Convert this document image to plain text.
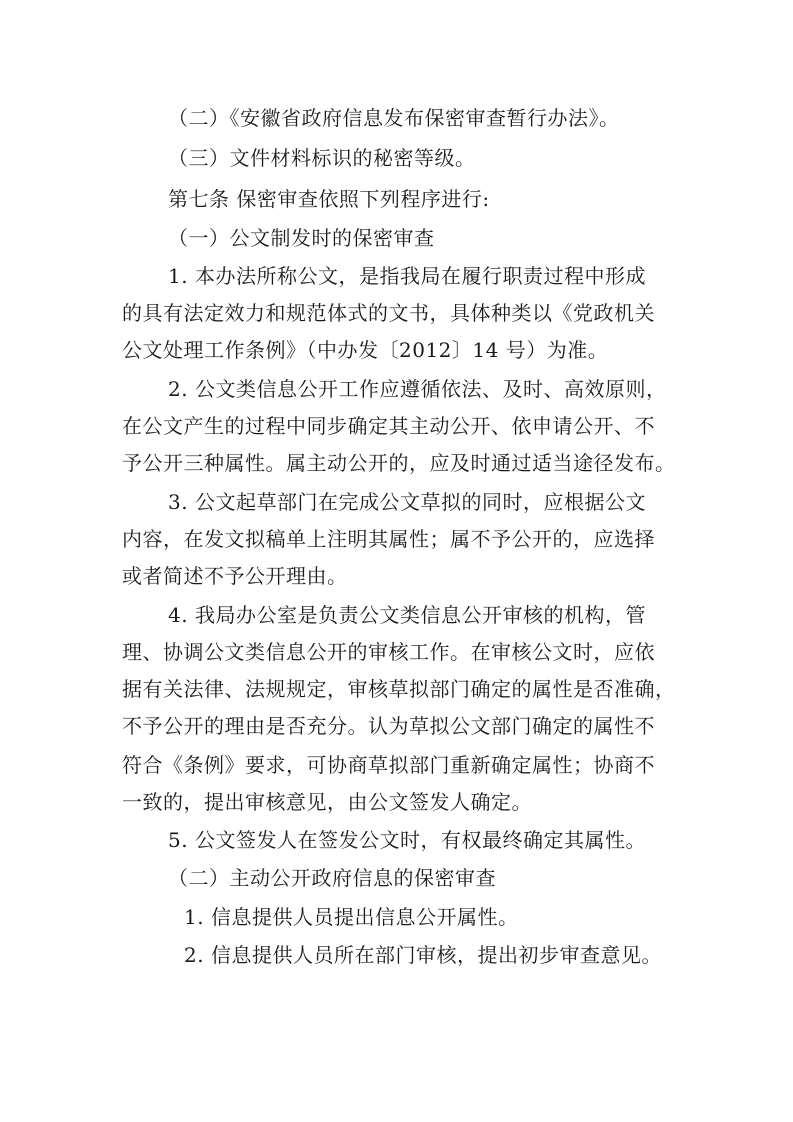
（二）《安徽省政府信息发布保密审查暂行办法》。
（三）文件材料标识的秘密等级。
第七条 保密审查依照下列程序进行:
（一）公文制发时的保密审查
1. 本办法所称公文，是指我局在履行职责过程中形成
的具有法定效力和规范体式的文书，具体种类以《党政机关
公文处理工作条例》（中办发〔2012〕14 号）为准。
2. 公文类信息公开工作应遵循依法、及时、高效原则，
在公文产生的过程中同步确定其主动公开、依申请公开、不
予公开三种属性。属主动公开的，应及时通过适当途径发布。
3. 公文起草部门在完成公文草拟的同时，应根据公文
内容，在发文拟稿单上注明其属性；属不予公开的，应选择
或者简述不予公开理由。
4. 我局办公室是负责公文类信息公开审核的机构，管
理、协调公文类信息公开的审核工作。在审核公文时，应依
据有关法律、法规规定，审核草拟部门确定的属性是否准确，
不予公开的理由是否充分。认为草拟公文部门确定的属性不
符合《条例》要求，可协商草拟部门重新确定属性；协商不
一致的，提出审核意见，由公文签发人确定。
5. 公文签发人在签发公文时，有权最终确定其属性。
（二）主动公开政府信息的保密审查
1. 信息提供人员提出信息公开属性。
2. 信息提供人员所在部门审核，提出初步审查意见。
